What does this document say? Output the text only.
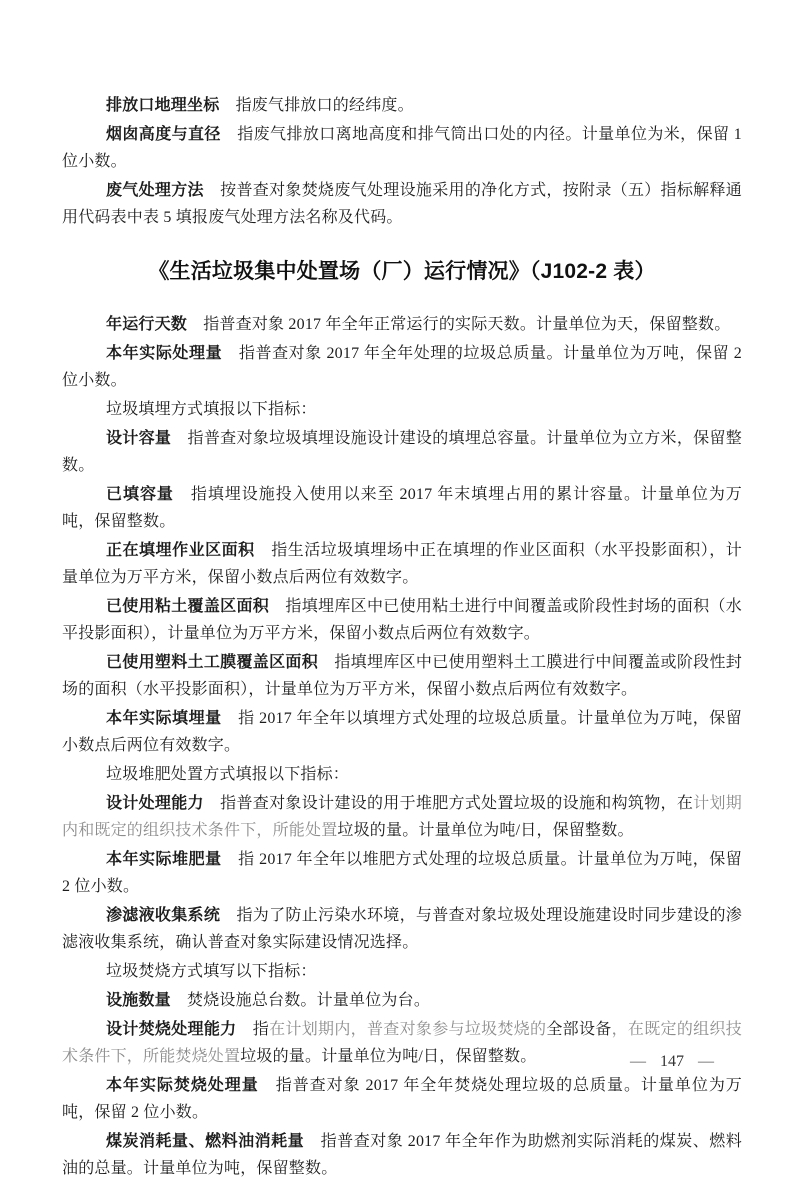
排放口地理坐标　指废气排放口的经纬度。

烟囱高度与直径　指废气排放口离地高度和排气筒出口处的内径。计量单位为米，保留 1 位小数。

废气处理方法　按普查对象焚烧废气处理设施采用的净化方式，按附录（五）指标解释通用代码表中表 5 填报废气处理方法名称及代码。

《生活垃圾集中处置场（厂）运行情况》（J102-2 表）

年运行天数　指普查对象 2017 年全年正常运行的实际天数。计量单位为天，保留整数。

本年实际处理量　指普查对象 2017 年全年处理的垃圾总质量。计量单位为万吨，保留 2 位小数。

垃圾填埋方式填报以下指标：

设计容量　指普查对象垃圾填埋设施设计建设的填埋总容量。计量单位为立方米，保留整数。

已填容量　指填埋设施投入使用以来至 2017 年末填埋占用的累计容量。计量单位为万吨，保留整数。

正在填埋作业区面积　指生活垃圾填埋场中正在填埋的作业区面积（水平投影面积），计量单位为万平方米，保留小数点后两位有效数字。

已使用粘土覆盖区面积　指填埋库区中已使用粘土进行中间覆盖或阶段性封场的面积（水平投影面积），计量单位为万平方米，保留小数点后两位有效数字。

已使用塑料土工膜覆盖区面积　指填埋库区中已使用塑料土工膜进行中间覆盖或阶段性封场的面积（水平投影面积），计量单位为万平方米，保留小数点后两位有效数字。

本年实际填埋量　指 2017 年全年以填埋方式处理的垃圾总质量。计量单位为万吨，保留小数点后两位有效数字。

垃圾堆肥处置方式填报以下指标：

设计处理能力　指普查对象设计建设的用于堆肥方式处置垃圾的设施和构筑物，在计划期内和既定的组织技术条件下，所能处置垃圾的量。计量单位为吨/日，保留整数。

本年实际堆肥量　指 2017 年全年以堆肥方式处理的垃圾总质量。计量单位为万吨，保留 2 位小数。

渗滤液收集系统　指为了防止污染水环境，与普查对象垃圾处理设施建设时同步建设的渗滤液收集系统，确认普查对象实际建设情况选择。

垃圾焚烧方式填写以下指标：

设施数量　焚烧设施总台数。计量单位为台。

设计焚烧处理能力　指在计划期内，普查对象参与垃圾焚烧的全部设备，在既定的组织技术条件下，所能焚烧处置垃圾的量。计量单位为吨/日，保留整数。

本年实际焚烧处理量　指普查对象 2017 年全年焚烧处理垃圾的总质量。计量单位为万吨，保留 2 位小数。

煤炭消耗量、燃料油消耗量　指普查对象 2017 年全年作为助燃剂实际消耗的煤炭、燃料油的总量。计量单位为吨，保留整数。

— 147 —
